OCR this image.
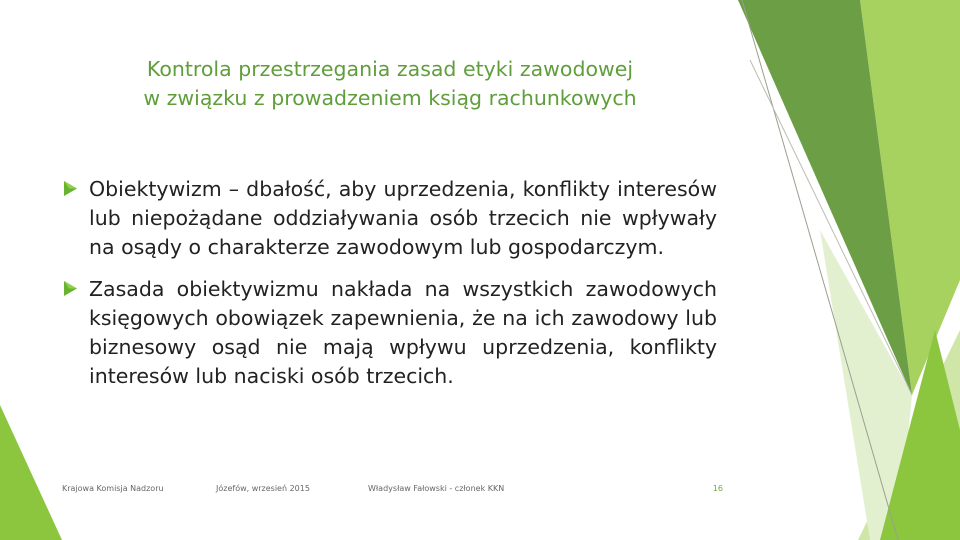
Kontrola przestrzegania zasad etyki zawodowej
w związku z prowadzeniem ksiąg rachunkowych
Obiektywizm – dbałość, aby uprzedzenia, konflikty interesów lub niepożądane oddziaływania osób trzecich nie wpływały na osądy o charakterze zawodowym lub gospodarczym.
Zasada obiektywizmu nakłada na wszystkich zawodowych księgowych obowiązek zapewnienia, że na ich zawodowy lub biznesowy osąd nie mają wpływu uprzedzenia, konflikty interesów lub naciski osób trzecich.
Krajowa Komisja Nadzoru	Józefów, wrzesień 2015	Władysław Fałowski - członek KKN	16
